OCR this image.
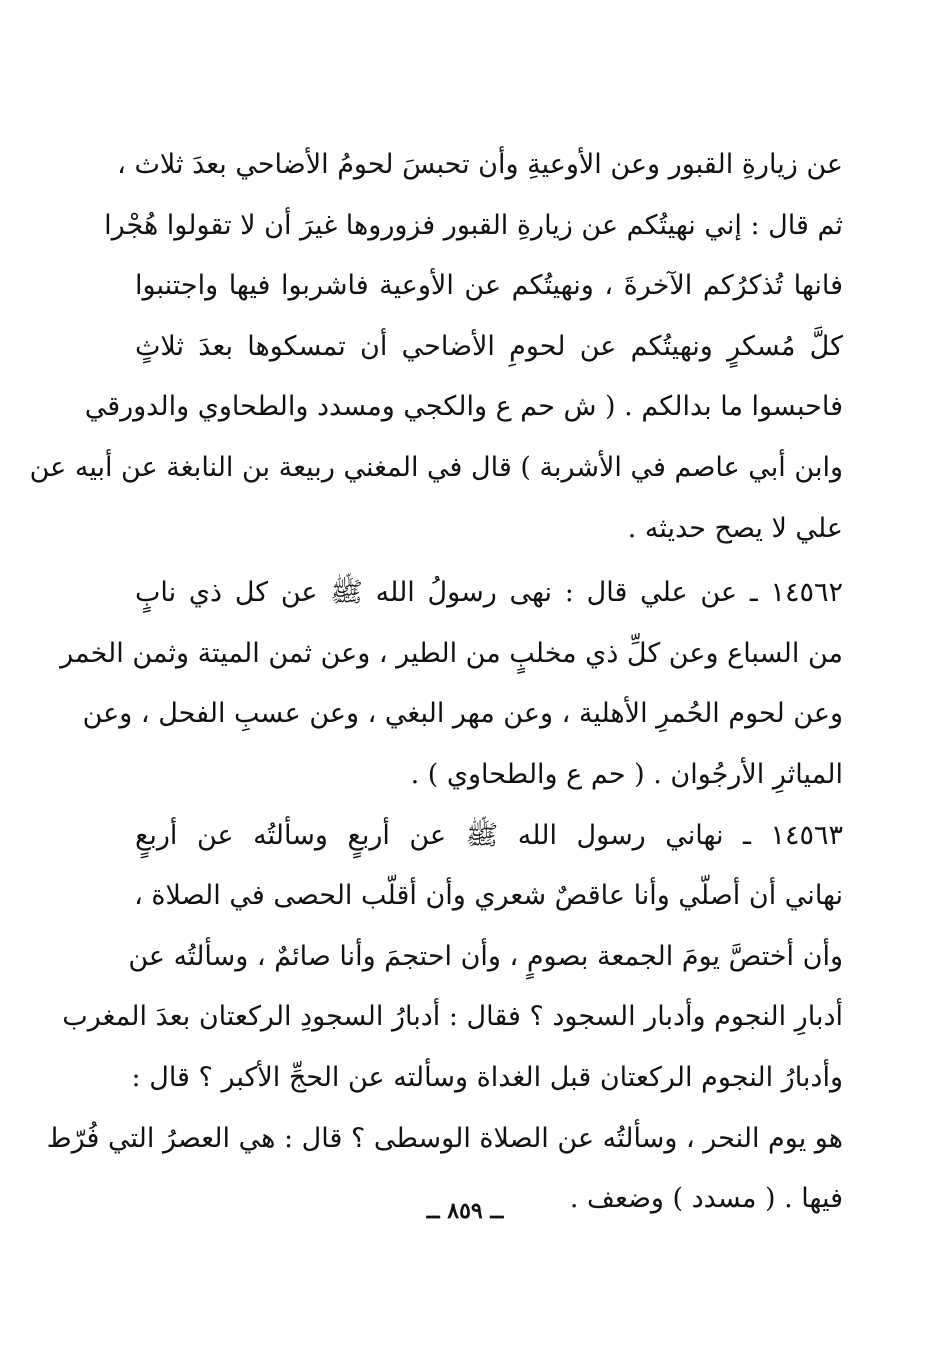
عن زيارةِ القبور وعن الأوعيةِ وأن تحبسَ لحومُ الأضاحي بعدَ ثلاث ،
ثم قال : إني نهيتُكم عن زيارةِ القبور فزوروها غيرَ أن لا تقولوا هُجْرا
فانها تُذكرُكم الآخرةَ ، ونهيتُكم عن الأوعية فاشربوا فيها واجتنبوا
كلَّ مُسكرٍ ونهيتُكم عن لحومِ الأضاحي أن تمسكوها بعدَ ثلاثٍ
فاحبسوا ما بدالكم . ( ش حم ع والكجي ومسدد والطحاوي والدورقي
وابن أبي عاصم في الأشربة ) قال في المغني ربيعة بن النابغة عن أبيه عن
علي لا يصح حديثه .
١٤٥٦٢ ـ عن علي قال : نهى رسولُ الله ﷺ عن كل ذي نابٍ
من السباع وعن كلِّ ذي مخلبٍ من الطير ، وعن ثمن الميتة وثمن الخمر
وعن لحوم الحُمرِ الأهلية ، وعن مهر البغي ، وعن عسبِ الفحل ، وعن
المياثرِ الأرجُوان . ( حم ع والطحاوي ) .
١٤٥٦٣ ـ نهاني رسول الله ﷺ عن أربعٍ وسألتُه عن أربعٍ
نهاني أن أصلّي وأنا عاقصٌ شعري وأن أقلّب الحصى في الصلاة ،
وأن أختصَّ يومَ الجمعة بصومٍ ، وأن احتجمَ وأنا صائمٌ ، وسألتُه عن
أدبارِ النجوم وأدبار السجود ؟ فقال : أدبارُ السجودِ الركعتان بعدَ المغرب
وأدبارُ النجوم الركعتان قبل الغداة وسألته عن الحجِّ الأكبر ؟ قال :
هو يوم النحر ، وسألتُه عن الصلاة الوسطى ؟ قال : هي العصرُ التي فُرّط
فيها . ( مسدد ) وضعف .
ــ ٨٥٩ ــ
